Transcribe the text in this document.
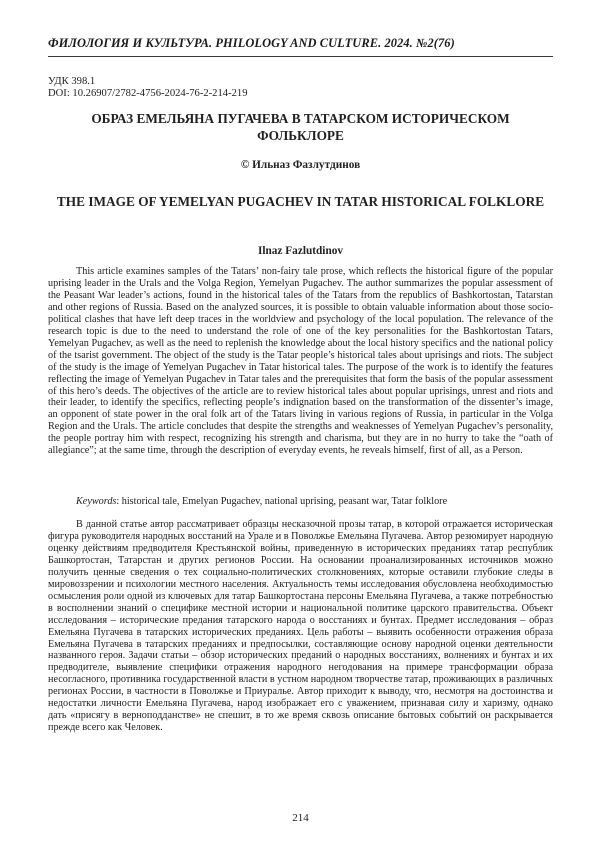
ФИЛОЛОГИЯ И КУЛЬТУРА. PHILOLOGY AND CULTURE. 2024. №2(76)
УДК 398.1
DOI: 10.26907/2782-4756-2024-76-2-214-219
ОБРАЗ ЕМЕЛЬЯНА ПУГАЧЕВА В ТАТАРСКОМ ИСТОРИЧЕСКОМ ФОЛЬКЛОРЕ
© Ильназ Фазлутдинов
THE IMAGE OF YEMELYAN PUGACHEV IN TATAR HISTORICAL FOLKLORE
Ilnaz Fazlutdinov

This article examines samples of the Tatars’ non-fairy tale prose, which reflects the historical figure of the popular uprising leader in the Urals and the Volga Region, Yemelyan Pugachev. The author summarizes the popular assessment of the Peasant War leader’s actions, found in the historical tales of the Tatars from the republics of Bashkortostan, Tatarstan and other regions of Russia. Based on the analyzed sources, it is possible to obtain valuable information about those socio-political clashes that have left deep traces in the worldview and psychology of the local population. The relevance of the research topic is due to the need to understand the role of one of the key personalities for the Bashkortostan Tatars, Yemelyan Pugachev, as well as the need to replenish the knowledge about the local history specifics and the national policy of the tsarist government. The object of the study is the Tatar people’s historical tales about uprisings and riots. The subject of the study is the image of Yemelyan Pugachev in Tatar historical tales. The purpose of the work is to identify the features reflecting the image of Yemelyan Pugachev in Tatar tales and the prerequisites that form the basis of the popular assessment of this hero’s deeds. The objectives of the article are to review historical tales about popular uprisings, unrest and riots and their leader, to identify the specifics, reflecting people’s indignation based on the transformation of the dissenter’s image, an opponent of state power in the oral folk art of the Tatars living in various regions of Russia, in particular in the Volga Region and the Urals. The article concludes that despite the strengths and weaknesses of Yemelyan Pugachev’s personality, the people portray him with respect, recognizing his strength and charisma, but they are in no hurry to take the “oath of allegiance”; at the same time, through the description of everyday events, he reveals himself, first of all, as a Person.

Keywords: historical tale, Emelyan Pugachev, national uprising, peasant war, Tatar folklore

В данной статье автор рассматривает образцы несказочной прозы татар, в которой отражается историческая фигура руководителя народных восстаний на Урале и в Поволжье Емельяна Пугачева. Автор резюмирует народную оценку действиям предводителя Крестьянской войны, приведенную в исторических преданиях татар республик Башкортостан, Татарстан и других регионов России. На основании проанализированных источников можно получить ценные сведения о тех социально-политических столкновениях, которые оставили глубокие следы в мировоззрении и психологии местного населения. Актуальность темы исследования обусловлена необходимостью осмысления роли одной из ключевых для татар Башкортостана персоны Емельяна Пугачева, а также потребностью в восполнении знаний о специфике местной истории и национальной политике царского правительства. Объект исследования – исторические предания татарского народа о восстаниях и бунтах. Предмет исследования – образ Емельяна Пугачева в татарских исторических преданиях. Цель работы – выявить особенности отражения образа Емельяна Пугачева в татарских преданиях и предпосылки, составляющие основу народной оценки деятельности названного героя. Задачи статьи – обзор исторических преданий о народных восстаниях, волнениях и бунтах и их предводителе, выявление специфики отражения народного негодования на примере трансформации образа несогласного, противника государственной власти в устном народном творчестве татар, проживающих в различных регионах России, в частности в Поволжье и Приуралье. Автор приходит к выводу, что, несмотря на достоинства и недостатки личности Емельяна Пугачева, народ изображает его с уважением, признавая силу и харизму, однако дать «присягу в верноподданстве» не спешит, в то же время сквозь описание бытовых событий он раскрывается прежде всего как Человек.

214
